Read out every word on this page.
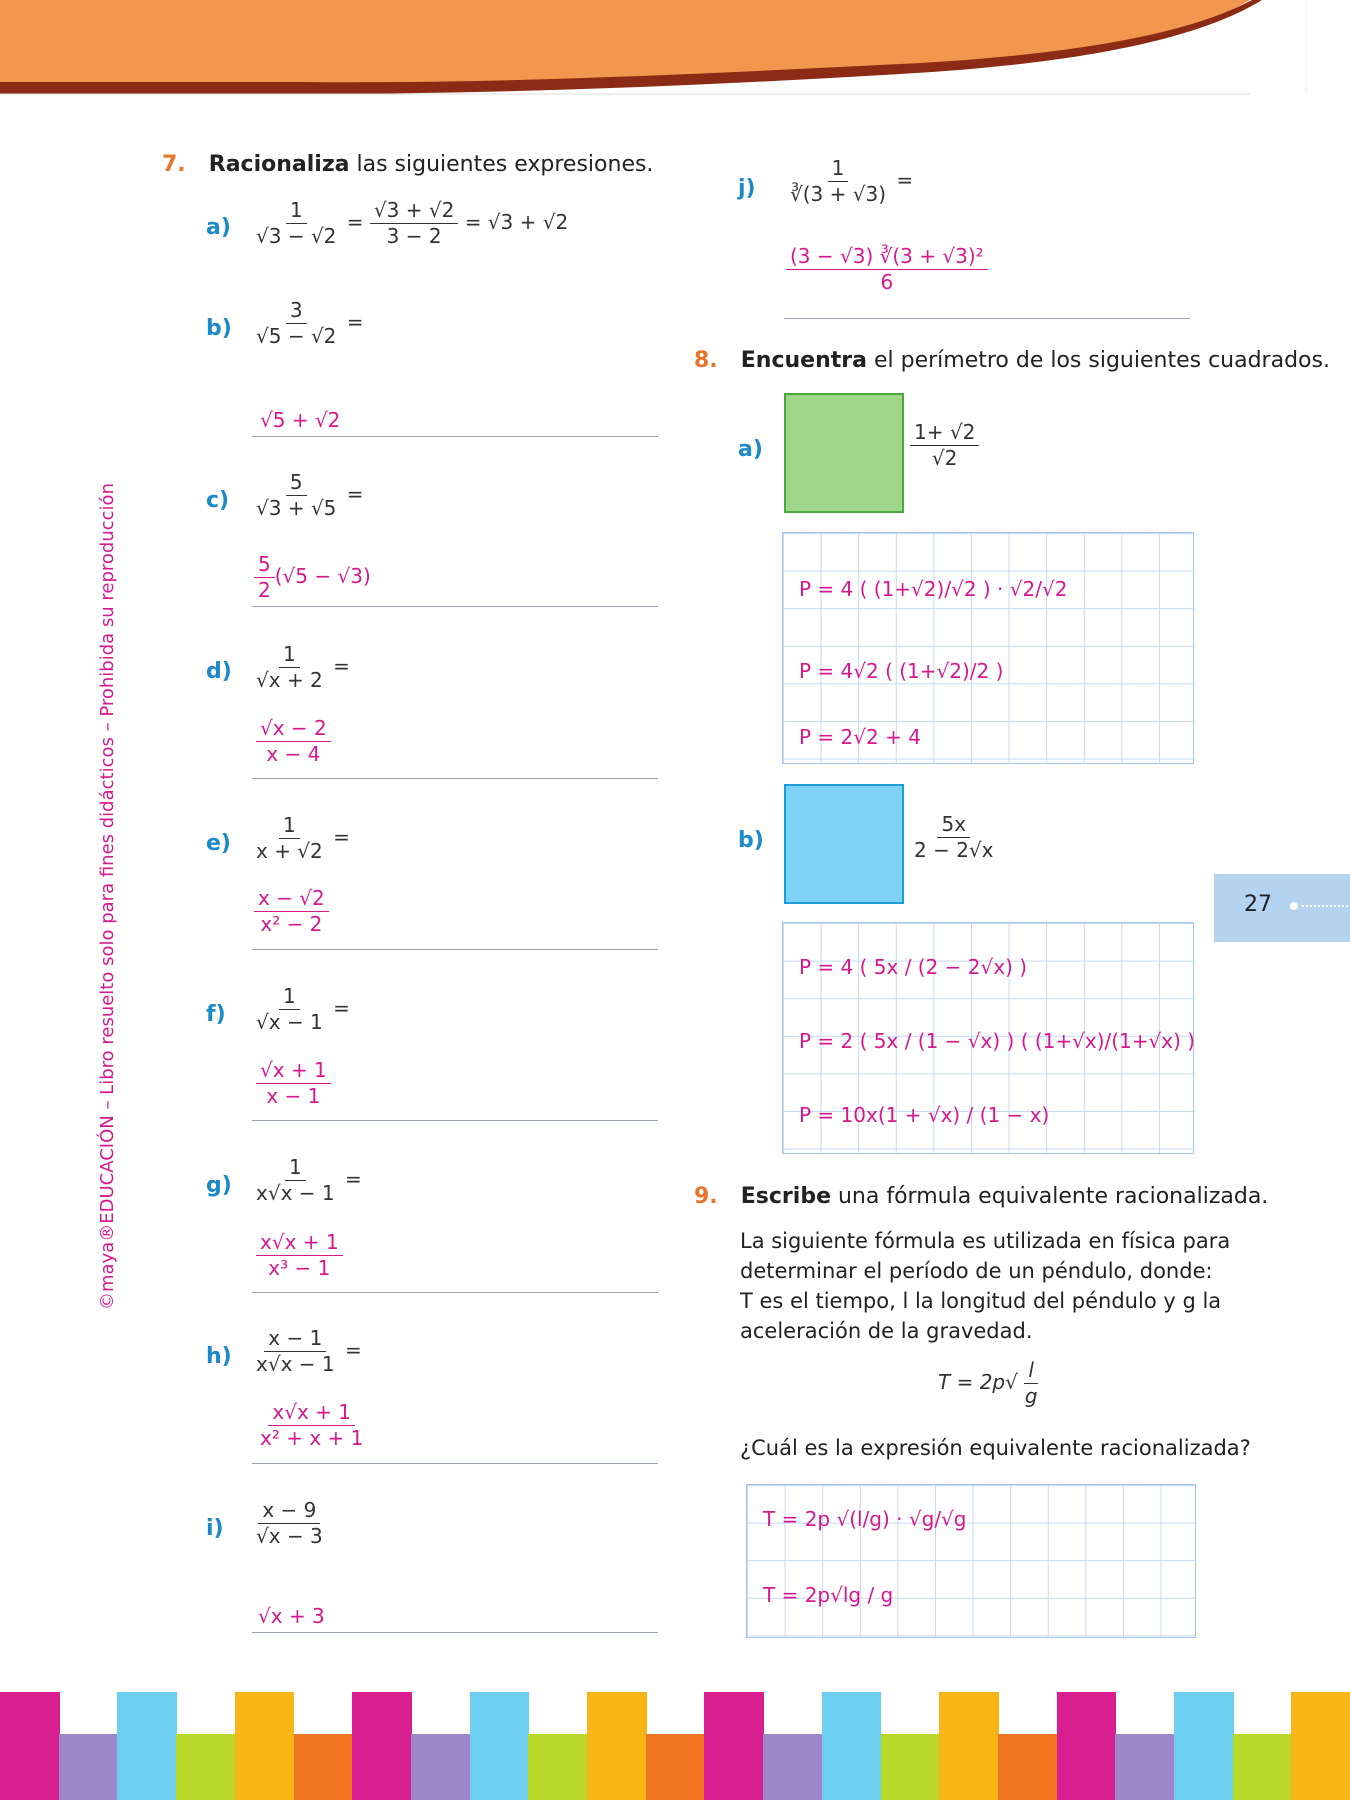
©maya®EDUCACIÓN – Libro resuelto solo para fines didácticos – Prohibida su reproducción	27
7. Racionaliza las siguientes expresiones.
$a) \frac{1}{√3 - √2} = \frac{√3 + √2}{3 - 2} = √3 + √2$
$b) \frac{3}{√5 - √2}$ =
√5 + √2
$c) \frac{5}{√3 + √5}$ =
$\frac{5}{2} (√5 - √3)$
$d) \frac{1}{√x + 2}$ =
$\frac{√x - 2}{x - 4}$
$e) \frac{1}{x + √2}$ =
$\frac{x - √2}{\text{x² − 2}}$
$f) \frac{1}{√x - 1}$ =
$\frac{√x + 1}{x - 1}$
$g) \frac{1}{x√x - 1}$ =
$\frac{x√x + 1}{\text{x³ − 1}}$
$h) \frac{x - 1}{x√x - 1}$ =
$\frac{x√x + 1}{\text{x² + x + 1}}$
$i) \frac{x - 9}{√x - 3}$
√x + 3
$j) \frac{1}{∛(3 + √3)}$ =
$\frac{\text{(3 − √3) ∛(3 + √3)²}}{6}$
8. Encuentra el perímetro de los siguientes cuadrados.
a)	$\frac{1+ √2}{√2}$
P = 4 ( (1+√2)/√2 ) · √2/√2
P = 4√2 ( (1+√2)/2 )
P = 2√2 + 4
b)	$\frac{5x}{2 - 2√x}$
P = 4 ( 5x / (2 − 2√x) )
P = 2 ( 5x / (1 − √x) ) ( (1+√x)/(1+√x) )
P = 10x(1 + √x) / (1 − x)
9. Escribe una fórmula equivalente racionalizada.
La siguiente fórmula es utilizada en física para
determinar el período de un péndulo, donde:
T es el tiempo, l la longitud del péndulo y g la
aceleración de la gravedad.
$T = 2p√ \frac{l}{g}$
¿Cuál es la expresión equivalente racionalizada?
T = 2p √(l/g) · √g/√g
T = 2p√lg / g
